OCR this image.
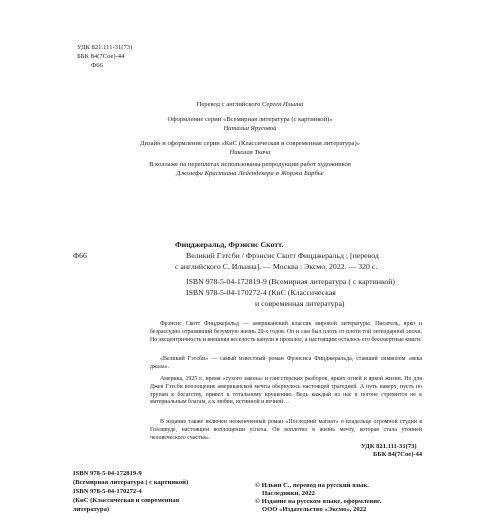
УДК 821.111-31(73)
ББК 84(7Сое)-44
Ф66
Перевод с английского Сергея Ильина
Оформление серии «Всемирная литература (с картинкой)»
Натальи Ярусовой
Дизайн и оформление серии «КиС (Классическая и современная литература)»
Николая Ткача
В коллаже на переплетах использованы репродукции работ художников
Джозефа Кристиана Лейендекера и Жоржа Барбье
Фицджеральд, Фрэнсис Скотт.
Ф66	Великий Гэтсби / Фрэнсис Скотт Фицджеральд ; [перевод
с английского С. Ильина]. — Москва : Эксмо, 2022. — 320 с.
ISBN 978-5-04-172819-9 (Всемирная литература ( с картинкой)
ISBN 978-5-04-170272-4 (КиС (Классическая
и современная литература)
Фрэнсис Скотт Фицджеральд — американский классик мировой литературы. Писатель, ярко и безрассудно отразивший безумную жизнь 20-х годов. Он и сам был плоть от плоти той легендарной эпохи. Но эксцентричность и внешняя веселость канули в прошлое, а настоящим осталось его бессмертные книги.
«Великий Гэтсби» — самый известный роман Фрэнсиса Фицджеральда, ставший символом «века джаза».
Америка, 1925 г., время «сухого закона» и гангстерских разборок, ярких огней и яркой жизни. Но для Джея Гэтсби воплощение американской мечты обернулось настоящей трагедией. А путь наверх, пусть по трупам к богатству, привел к тотальному крушению. Ведь каждый из нас в погоне стремится не к материальным благам, а к любви, истинной и вечной…
В издание также включен неоконченный роман «Последний магнат» о владельце огромной студии в Голливуде, настоящем воплощении успеха. Он воплотил в жизнь мечту, которая стала утопией человеческого счастья».
УДК 821.111-31(73)
ББК 84(7Сое)-44
ISBN 978-5-04-172819-9
(Всемирная литература ( с картинкой)
ISBN 978-5-04-170272-4
(КиС (Классическая и современная
литература)
© Ильин С., перевод на русский язык.
Наследники, 2022
© Издание на русском языке, оформление.
ООО «Издательство «Эксмо», 2022
